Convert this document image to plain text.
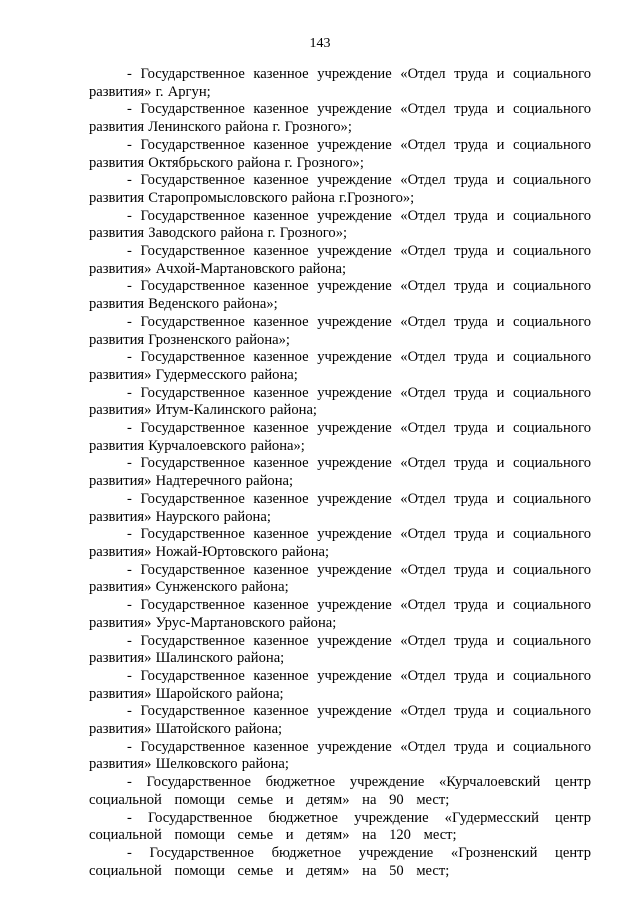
143

- Государственное казенное учреждение «Отдел труда и социального развития» г. Аргун;

- Государственное казенное учреждение «Отдел труда и социального развития Ленинского района г. Грозного»;

- Государственное казенное учреждение «Отдел труда и социального развития Октябрьского района г. Грозного»;

- Государственное казенное учреждение «Отдел труда и социального развития Старопромысловского района г.Грозного»;

- Государственное казенное учреждение «Отдел труда и социального развития Заводского района г. Грозного»;

- Государственное казенное учреждение «Отдел труда и социального развития» Ачхой-Мартановского района;

- Государственное казенное учреждение «Отдел труда и социального развития Веденского района»;

- Государственное казенное учреждение «Отдел труда и социального развития Грозненского района»;

- Государственное казенное учреждение «Отдел труда и социального развития» Гудермесского района;

- Государственное казенное учреждение «Отдел труда и социального развития» Итум-Калинского района;

- Государственное казенное учреждение «Отдел труда и социального развития Курчалоевского района»;

- Государственное казенное учреждение «Отдел труда и социального развития» Надтеречного района;

- Государственное казенное учреждение «Отдел труда и социального развития» Наурского района;

- Государственное казенное учреждение «Отдел труда и социального развития» Ножай-Юртовского района;

- Государственное казенное учреждение «Отдел труда и социального развития» Сунженского района;

- Государственное казенное учреждение «Отдел труда и социального развития» Урус-Мартановского района;

- Государственное казенное учреждение «Отдел труда и социального развития» Шалинского района;

- Государственное казенное учреждение «Отдел труда и социального развития» Шаройского района;

- Государственное казенное учреждение «Отдел труда и социального развития» Шатойского района;

- Государственное казенное учреждение «Отдел труда и социального развития» Шелковского района;

- Государственное бюджетное учреждение «Курчалоевский центр социальной помощи семье и детям» на 90 мест;

- Государственное бюджетное учреждение «Гудермесский центр социальной помощи семье и детям» на 120 мест;

- Государственное бюджетное учреждение «Грозненский центр социальной помощи семье и детям» на 50 мест;
